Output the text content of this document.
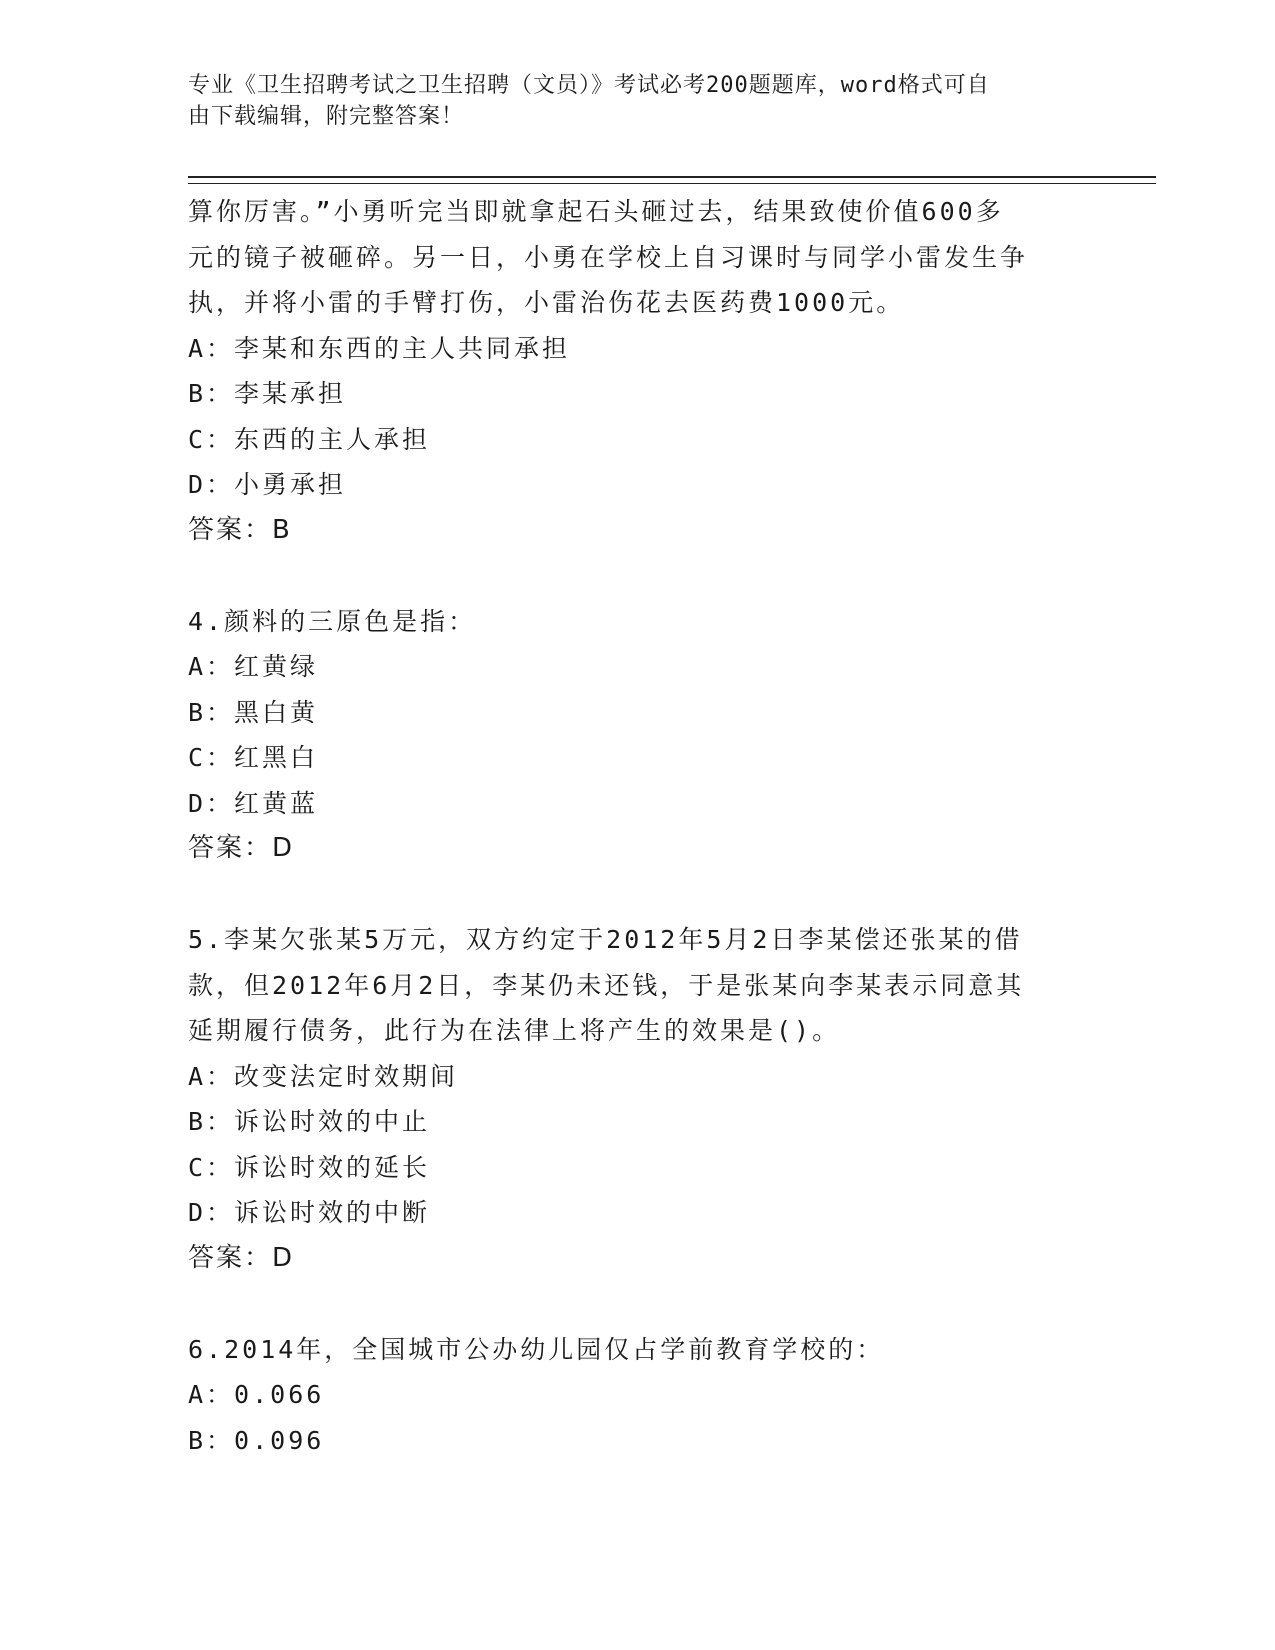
专业《卫生招聘考试之卫生招聘（文员）》考试必考200题题库，word格式可自
由下载编辑，附完整答案！
算你厉害。”小勇听完当即就拿起石头砸过去，结果致使价值600多
元的镜子被砸碎。另一日，小勇在学校上自习课时与同学小雷发生争
执，并将小雷的手臂打伤，小雷治伤花去医药费1000元。
A：李某和东西的主人共同承担
B：李某承担
C：东西的主人承担
D：小勇承担
答案：B
4.颜料的三原色是指：
A：红黄绿
B：黑白黄
C：红黑白
D：红黄蓝
答案：D
5.李某欠张某5万元，双方约定于2012年5月2日李某偿还张某的借
款，但2012年6月2日，李某仍未还钱，于是张某向李某表示同意其
延期履行债务，此行为在法律上将产生的效果是()。
A：改变法定时效期间
B：诉讼时效的中止
C：诉讼时效的延长
D：诉讼时效的中断
答案：D
6.2014年，全国城市公办幼儿园仅占学前教育学校的：
A：0.066
B：0.096
